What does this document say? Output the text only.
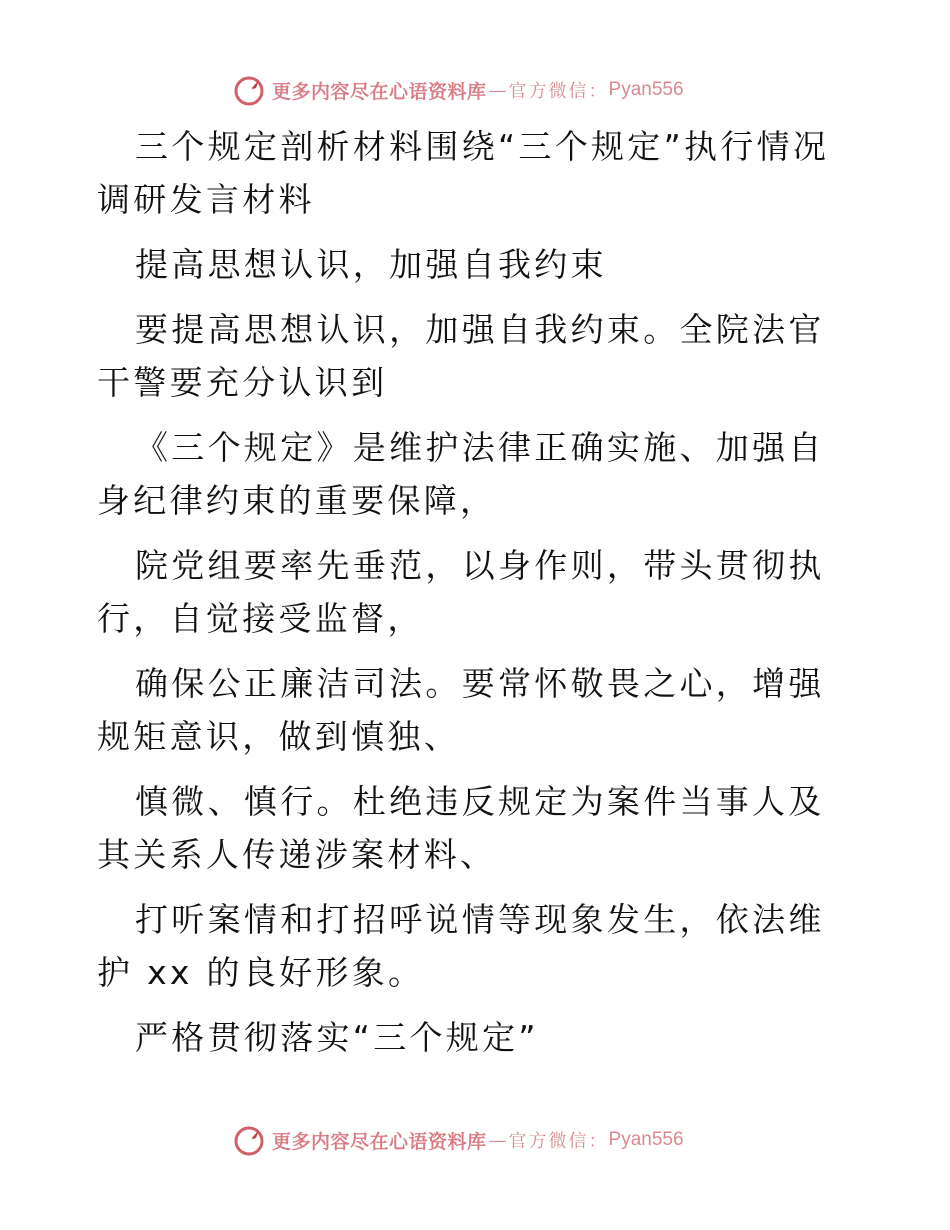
更多内容尽在心语资料库 — 官方微信： Pyan556

三个规定剖析材料围绕“三个规定”执行情况调研发言材料

提高思想认识，加强自我约束

要提高思想认识，加强自我约束。全院法官干警要充分认识到

《三个规定》是维护法律正确实施、加强自身纪律约束的重要保障，

院党组要率先垂范，以身作则，带头贯彻执行，自觉接受监督，

确保公正廉洁司法。要常怀敬畏之心，增强规矩意识，做到慎独、

慎微、慎行。杜绝违反规定为案件当事人及其关系人传递涉案材料、

打听案情和打招呼说情等现象发生，依法维护 xx 的良好形象。

严格贯彻落实“三个规定”

更多内容尽在心语资料库 — 官方微信： Pyan556
